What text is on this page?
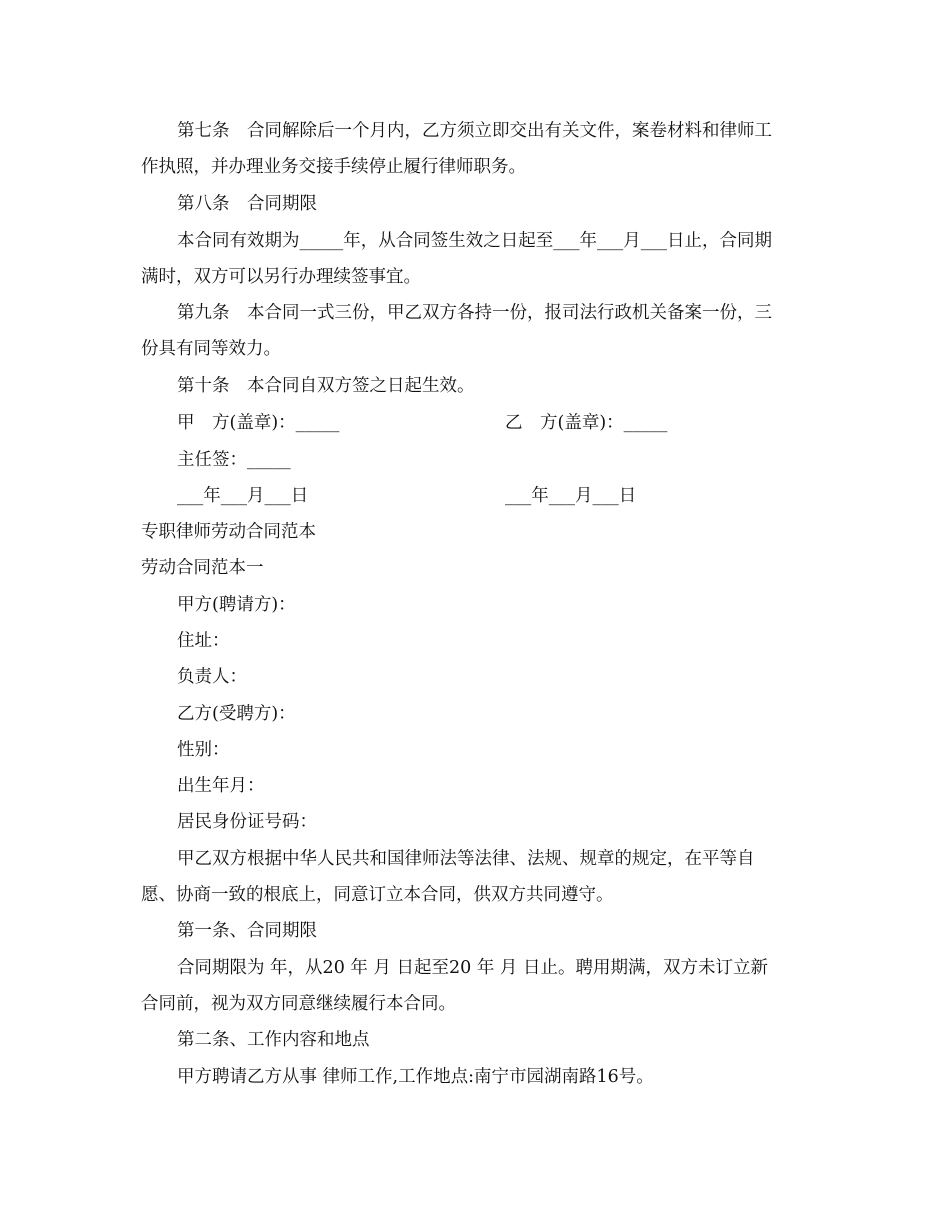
第七条　合同解除后一个月内，乙方须立即交出有关文件，案卷材料和律师工

作执照，并办理业务交接手续停止履行律师职务。

第八条　合同期限

本合同有效期为_____年，从合同签生效之日起至___年___月___日止，合同期

满时，双方可以另行办理续签事宜。

第九条　本合同一式三份，甲乙双方各持一份，报司法行政机关备案一份，三

份具有同等效力。

第十条　本合同自双方签之日起生效。

甲　方(盖章)：_____	乙　方(盖章)：_____

主任签：_____

___年___月___日	___年___月___日

专职律师劳动合同范本

劳动合同范本一

甲方(聘请方)：

住址：

负责人：

乙方(受聘方)：

性别：

出生年月：

居民身份证号码：

甲乙双方根据中华人民共和国律师法等法律、法规、规章的规定，在平等自

愿、协商一致的根底上，同意订立本合同，供双方共同遵守。

第一条、合同期限

合同期限为 年，从20 年 月 日起至20 年 月 日止。聘用期满，双方未订立新

合同前，视为双方同意继续履行本合同。

第二条、工作内容和地点

甲方聘请乙方从事 律师工作,工作地点:南宁市园湖南路16号。
